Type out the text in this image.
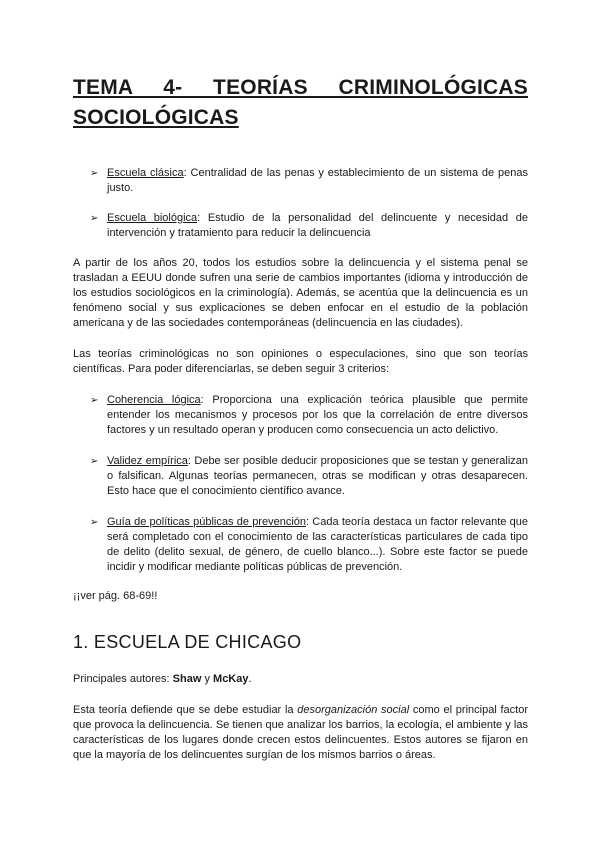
TEMA 4- TEORÍAS CRIMINOLÓGICAS SOCIOLÓGICAS
➢ Escuela clásica: Centralidad de las penas y establecimiento de un sistema de penas justo.
➢ Escuela biológica: Estudio de la personalidad del delincuente y necesidad de intervención y tratamiento para reducir la delincuencia

A partir de los años 20, todos los estudios sobre la delincuencia y el sistema penal se trasladan a EEUU donde sufren una serie de cambios importantes (idioma y introducción de los estudios sociológicos en la criminología). Además, se acentúa que la delincuencia es un fenómeno social y sus explicaciones se deben enfocar en el estudio de la población americana y de las sociedades contemporáneas (delincuencia en las ciudades).

Las teorías criminológicas no son opiniones o especulaciones, sino que son teorías científicas. Para poder diferenciarlas, se deben seguir 3 criterios:

➢ Coherencia lógica: Proporciona una explicación teórica plausible que permite entender los mecanismos y procesos por los que la correlación de entre diversos factores y un resultado operan y producen como consecuencia un acto delictivo.
➢ Validez empírica: Debe ser posible deducir proposiciones que se testan y generalizan o falsifican. Algunas teorías permanecen, otras se modifican y otras desaparecen. Esto hace que el conocimiento científico avance.
➢ Guía de políticas públicas de prevención: Cada teoría destaca un factor relevante que será completado con el conocimiento de las características particulares de cada tipo de delito (delito sexual, de género, de cuello blanco...). Sobre este factor se puede incidir y modificar mediante políticas públicas de prevención.

¡¡ver pág. 68-69!!

1. ESCUELA DE CHICAGO

Principales autores: Shaw y McKay.

Esta teoría defiende que se debe estudiar la desorganización social como el principal factor que provoca la delincuencia. Se tienen que analizar los barrios, la ecología, el ambiente y las características de los lugares donde crecen estos delincuentes. Estos autores se fijaron en que la mayoría de los delincuentes surgían de los mismos barrios o áreas.
